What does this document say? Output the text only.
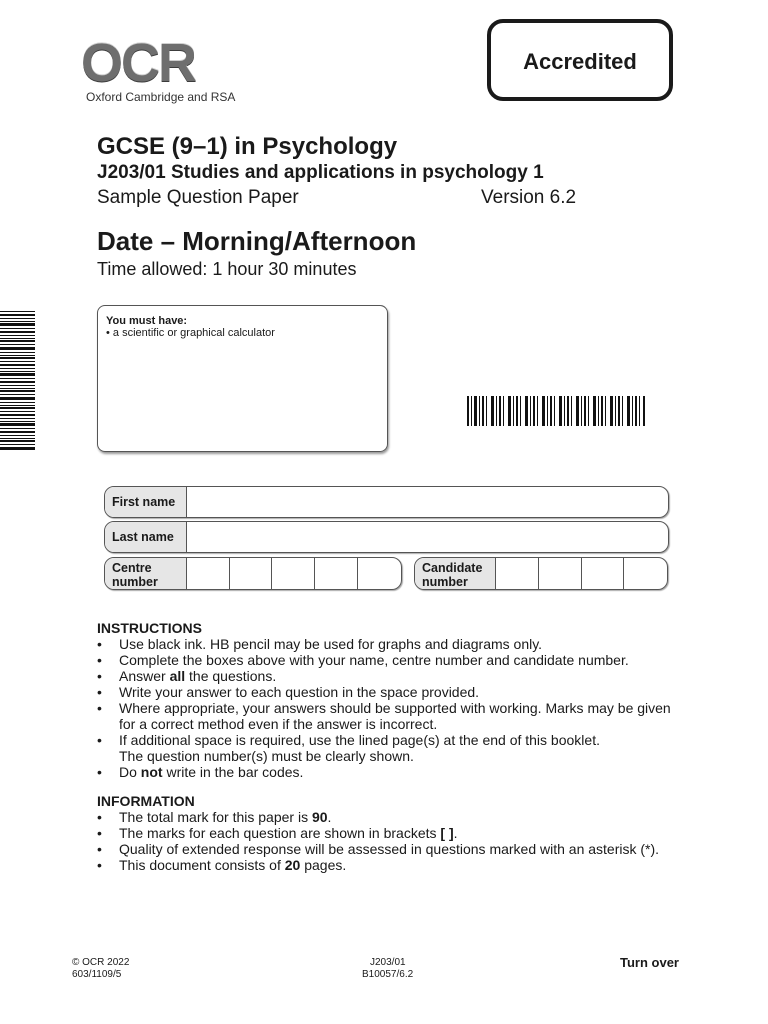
OCR
Oxford Cambridge and RSA
Accredited
GCSE (9–1) in Psychology
J203/01 Studies and applications in psychology 1
Sample Question Paper	Version 6.2
Date – Morning/Afternoon
Time allowed: 1 hour 30 minutes
You must have:
• a scientific or graphical calculator
First name
Last name
Centre
number
Candidate
number
INSTRUCTIONS
• Use black ink. HB pencil may be used for graphs and diagrams only.
• Complete the boxes above with your name, centre number and candidate number.
• Answer all the questions.
• Write your answer to each question in the space provided.
• Where appropriate, your answers should be supported with working. Marks may be given
for a correct method even if the answer is incorrect.
• If additional space is required, use the lined page(s) at the end of this booklet.
The question number(s) must be clearly shown.
• Do not write in the bar codes.
INFORMATION
• The total mark for this paper is 90.
• The marks for each question are shown in brackets [ ].
• Quality of extended response will be assessed in questions marked with an asterisk (*).
• This document consists of 20 pages.
© OCR 2022
603/1109/5
J203/01
B10057/6.2
Turn over
